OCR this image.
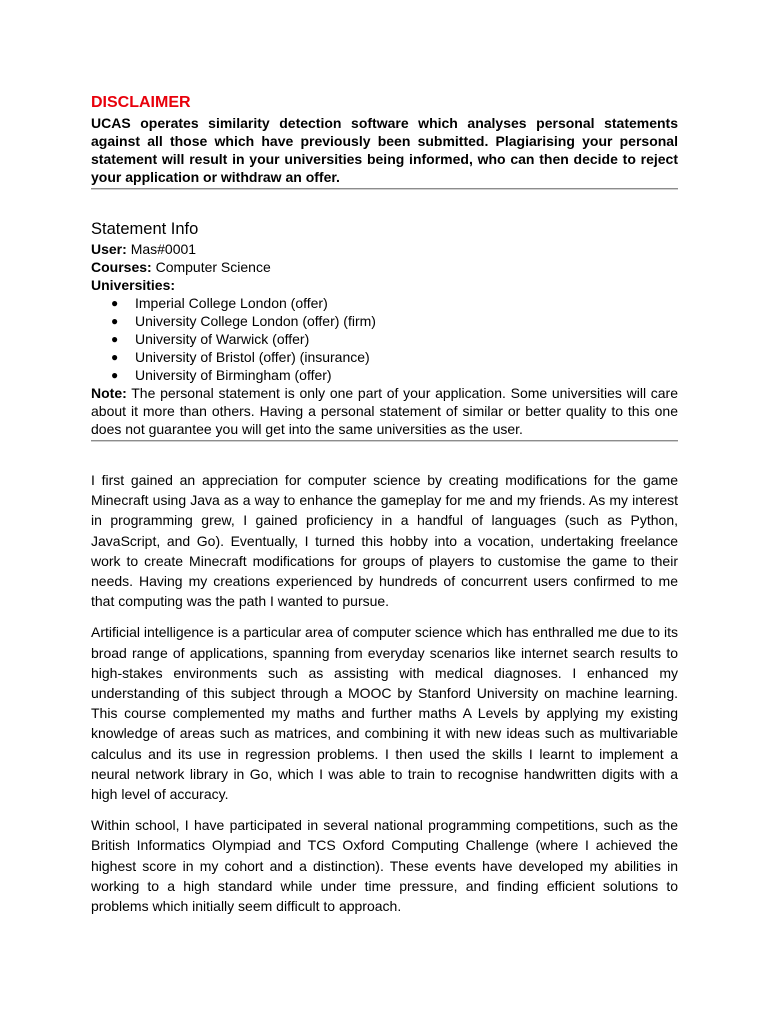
DISCLAIMER

UCAS operates similarity detection software which analyses personal statements against all those which have previously been submitted. Plagiarising your personal statement will result in your universities being informed, who can then decide to reject your application or withdraw an offer.

Statement Info

User: Mas#0001

Courses: Computer Science

Universities:

● Imperial College London (offer)
● University College London (offer) (firm)
● University of Warwick (offer)
● University of Bristol (offer) (insurance)
● University of Birmingham (offer)

Note: The personal statement is only one part of your application. Some universities will care about it more than others. Having a personal statement of similar or better quality to this one does not guarantee you will get into the same universities as the user.

I first gained an appreciation for computer science by creating modifications for the game Minecraft using Java as a way to enhance the gameplay for me and my friends. As my interest in programming grew, I gained proficiency in a handful of languages (such as Python, JavaScript, and Go). Eventually, I turned this hobby into a vocation, undertaking freelance work to create Minecraft modifications for groups of players to customise the game to their needs. Having my creations experienced by hundreds of concurrent users confirmed to me that computing was the path I wanted to pursue.

Artificial intelligence is a particular area of computer science which has enthralled me due to its broad range of applications, spanning from everyday scenarios like internet search results to high-stakes environments such as assisting with medical diagnoses. I enhanced my understanding of this subject through a MOOC by Stanford University on machine learning. This course complemented my maths and further maths A Levels by applying my existing knowledge of areas such as matrices, and combining it with new ideas such as multivariable calculus and its use in regression problems. I then used the skills I learnt to implement a neural network library in Go, which I was able to train to recognise handwritten digits with a high level of accuracy.

Within school, I have participated in several national programming competitions, such as the British Informatics Olympiad and TCS Oxford Computing Challenge (where I achieved the highest score in my cohort and a distinction). These events have developed my abilities in working to a high standard while under time pressure, and finding efficient solutions to problems which initially seem difficult to approach.
